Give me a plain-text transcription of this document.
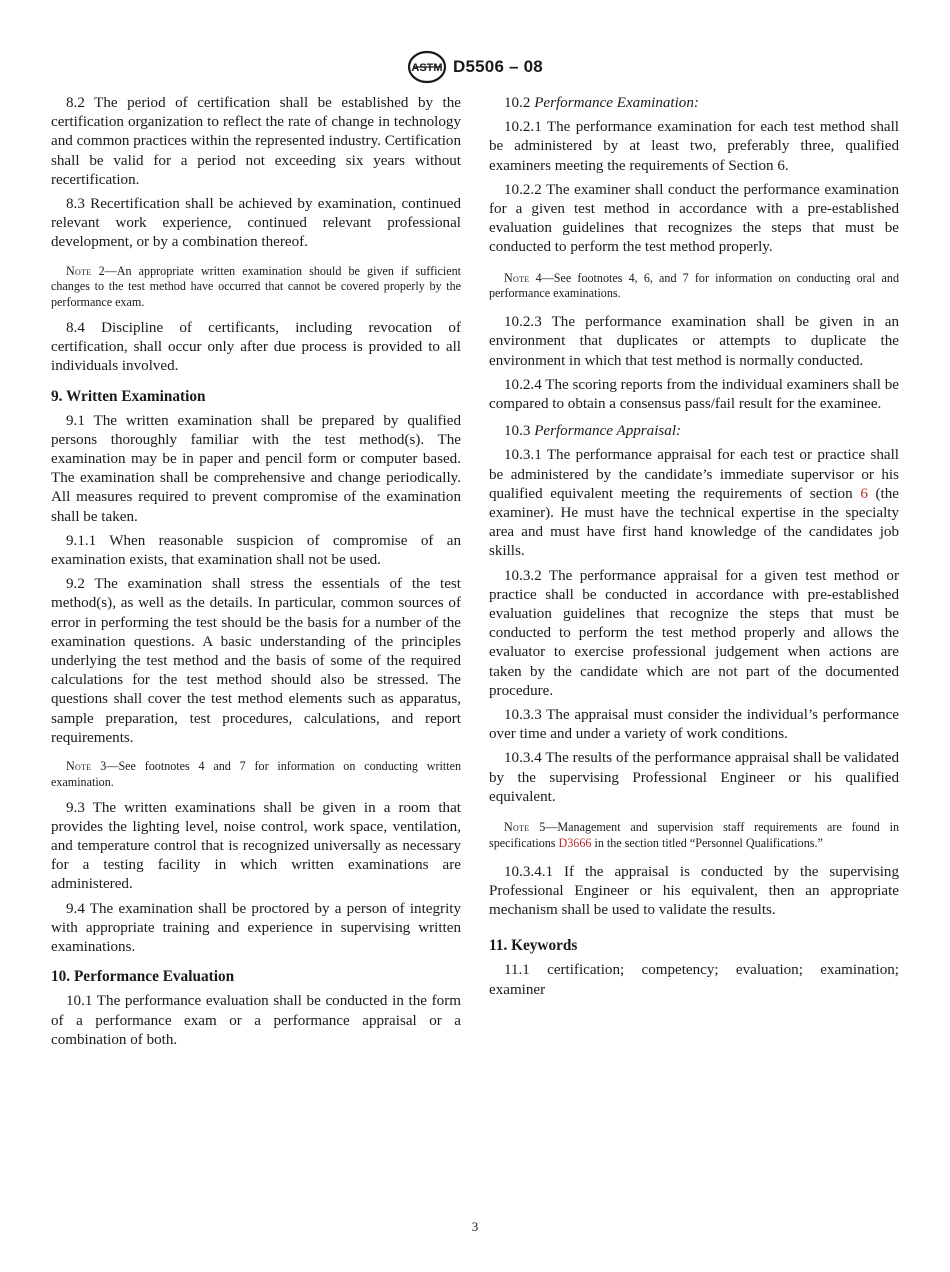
ASTM D5506 – 08

8.2 The period of certification shall be established by the certification organization to reflect the rate of change in technology and common practices within the represented industry. Certification shall be valid for a period not exceeding six years without recertification.

8.3 Recertification shall be achieved by examination, continued relevant work experience, continued relevant professional development, or by a combination thereof.

Note 2—An appropriate written examination should be given if sufficient changes to the test method have occurred that cannot be covered properly by the performance exam.

8.4 Discipline of certificants, including revocation of certification, shall occur only after due process is provided to all individuals involved.

9. Written Examination

9.1 The written examination shall be prepared by qualified persons thoroughly familiar with the test method(s). The examination may be in paper and pencil form or computer based. The examination shall be comprehensive and change periodically. All measures required to prevent compromise of the examination shall be taken.

9.1.1 When reasonable suspicion of compromise of an examination exists, that examination shall not be used.

9.2 The examination shall stress the essentials of the test method(s), as well as the details. In particular, common sources of error in performing the test should be the basis for a number of the examination questions. A basic understanding of the principles underlying the test method and the basis of some of the required calculations for the test method should also be stressed. The questions shall cover the test method elements such as apparatus, sample preparation, test procedures, calculations, and report requirements.

Note 3—See footnotes 4 and 7 for information on conducting written examination.

9.3 The written examinations shall be given in a room that provides the lighting level, noise control, work space, ventilation, and temperature control that is recognized universally as necessary for a testing facility in which written examinations are administered.

9.4 The examination shall be proctored by a person of integrity with appropriate training and experience in supervising written examinations.

10. Performance Evaluation

10.1 The performance evaluation shall be conducted in the form of a performance exam or a performance appraisal or a combination of both.

10.2 Performance Examination:

10.2.1 The performance examination for each test method shall be administered by at least two, preferably three, qualified examiners meeting the requirements of Section 6.

10.2.2 The examiner shall conduct the performance examination for a given test method in accordance with a pre-established evaluation guidelines that recognizes the steps that must be conducted to perform the test method properly.

Note 4—See footnotes 4, 6, and 7 for information on conducting oral and performance examinations.

10.2.3 The performance examination shall be given in an environment that duplicates or attempts to duplicate the environment in which that test method is normally conducted.

10.2.4 The scoring reports from the individual examiners shall be compared to obtain a consensus pass/fail result for the examinee.

10.3 Performance Appraisal:

10.3.1 The performance appraisal for each test or practice shall be administered by the candidate’s immediate supervisor or his qualified equivalent meeting the requirements of section 6 (the examiner). He must have the technical expertise in the specialty area and must have first hand knowledge of the candidates job skills.

10.3.2 The performance appraisal for a given test method or practice shall be conducted in accordance with pre-established evaluation guidelines that recognize the steps that must be conducted to perform the test method properly and allows the evaluator to exercise professional judgement when actions are taken by the candidate which are not part of the documented procedure.

10.3.3 The appraisal must consider the individual’s performance over time and under a variety of work conditions.

10.3.4 The results of the performance appraisal shall be validated by the supervising Professional Engineer or his qualified equivalent.

Note 5—Management and supervision staff requirements are found in specifications D3666 in the section titled “Personnel Qualifications.”

10.3.4.1 If the appraisal is conducted by the supervising Professional Engineer or his equivalent, then an appropriate mechanism shall be used to validate the results.

11. Keywords

11.1 certification; competency; evaluation; examination; examiner

3
